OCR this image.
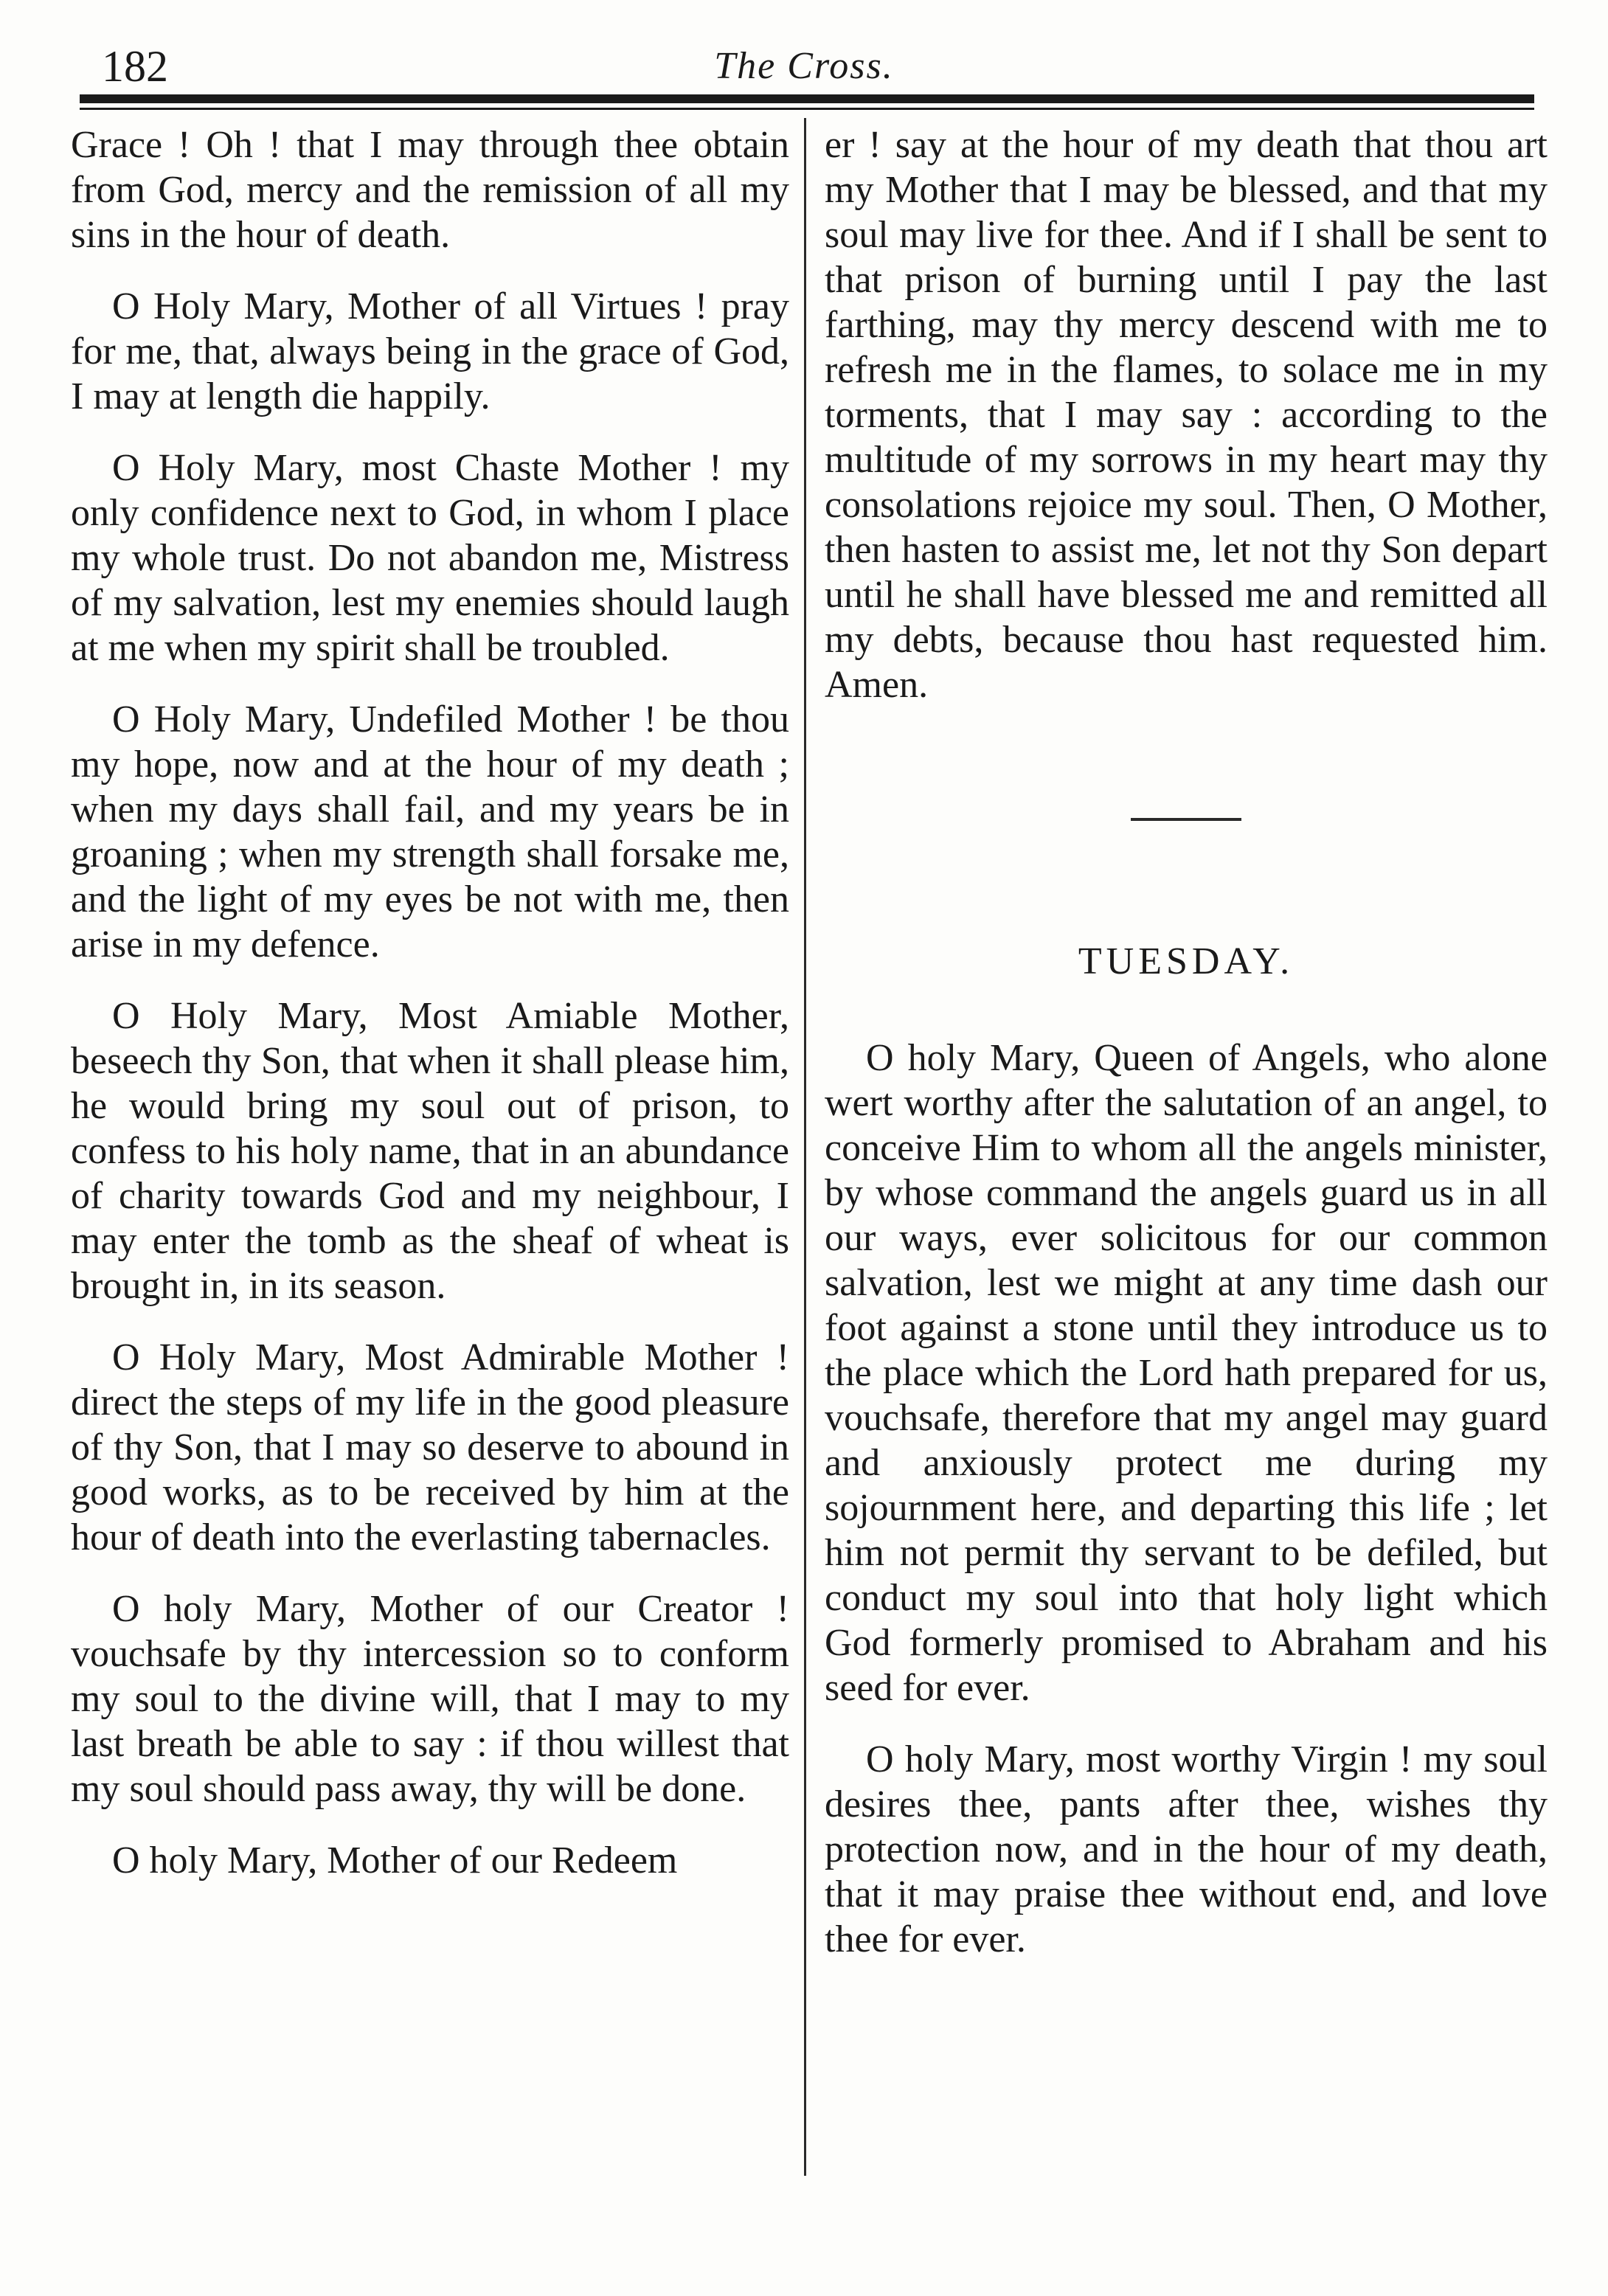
182	The Cross.

Grace ! Oh ! that I may through thee obtain from God, mercy and the remission of all my sins in the hour of death.

O Holy Mary, Mother of all Virtues ! pray for me, that, always being in the grace of God, I may at length die happily.

O Holy Mary, most Chaste Mother ! my only confidence next to God, in whom I place my whole trust. Do not abandon me, Mistress of my salvation, lest my enemies should laugh at me when my spirit shall be troubled.

O Holy Mary, Undefiled Mother ! be thou my hope, now and at the hour of my death ; when my days shall fail, and my years be in groaning ; when my strength shall forsake me, and the light of my eyes be not with me, then arise in my defence.

O Holy Mary, Most Amiable Mother, beseech thy Son, that when it shall please him, he would bring my soul out of prison, to confess to his holy name, that in an abundance of charity towards God and my neighbour, I may enter the tomb as the sheaf of wheat is brought in, in its season.

O Holy Mary, Most Admirable Mother ! direct the steps of my life in the good pleasure of thy Son, that I may so deserve to abound in good works, as to be received by him at the hour of death into the everlasting tabernacles.

O holy Mary, Mother of our Creator ! vouchsafe by thy intercession so to conform my soul to the divine will, that I may to my last breath be able to say : if thou willest that my soul should pass away, thy will be done.

O holy Mary, Mother of our Redeem

er ! say at the hour of my death that thou art my Mother that I may be blessed, and that my soul may live for thee. And if I shall be sent to that prison of burning until I pay the last farthing, may thy mercy descend with me to refresh me in the flames, to solace me in my torments, that I may say : according to the multitude of my sorrows in my heart may thy consolations rejoice my soul. Then, O Mother, then hasten to assist me, let not thy Son depart until he shall have blessed me and remitted all my debts, because thou hast requested him. Amen.

TUESDAY.

O holy Mary, Queen of Angels, who alone wert worthy after the salutation of an angel, to conceive Him to whom all the angels minister, by whose command the angels guard us in all our ways, ever solicitous for our common salvation, lest we might at any time dash our foot against a stone until they introduce us to the place which the Lord hath prepared for us, vouchsafe, therefore that my angel may guard and anxiously protect me during my sojournment here, and departing this life ; let him not permit thy servant to be defiled, but conduct my soul into that holy light which God formerly promised to Abraham and his seed for ever.

O holy Mary, most worthy Virgin ! my soul desires thee, pants after thee, wishes thy protection now, and in the hour of my death, that it may praise thee without end, and love thee for ever.
